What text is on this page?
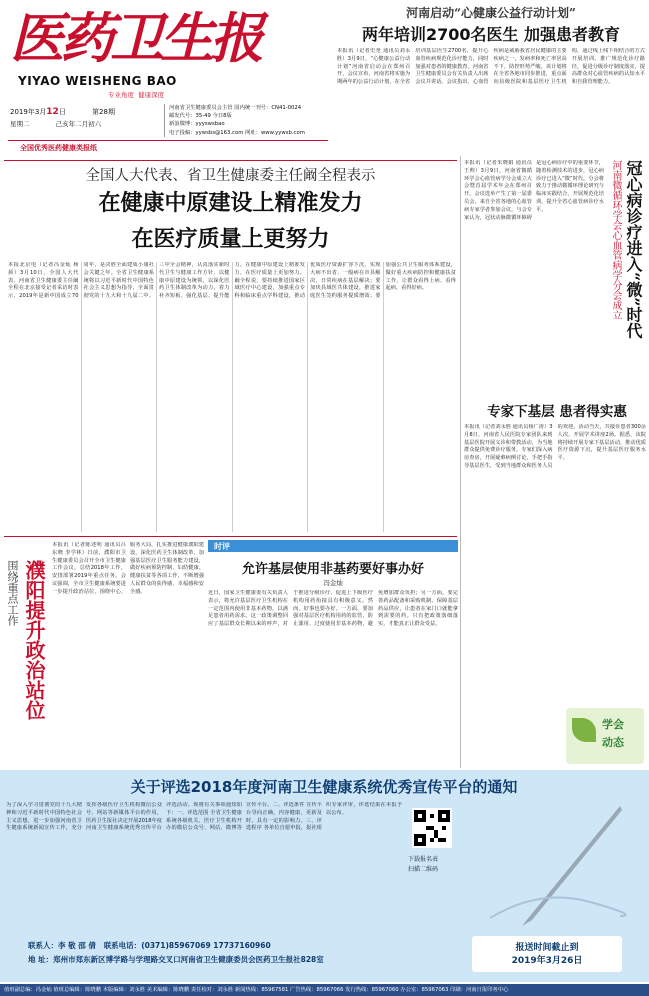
医药卫生报
YIYAO WEISHENG BAO
专业角度 健康深度
2019年3月12日	第28期
星期二	己亥年二月初六
河南省卫生健康委员会主管 国内统一刊号：CN41-0024
邮发代号：35-49 今日8版
新浪微博：yyyswsbao
电子投稿：yywsbs@163.com 网址：www.yywsb.com
全国优秀医药健康类报纸
河南启动“心健康公益行动计划”
两年培训2700名医生 加强患者教育
本报讯（记者史尧 通讯员刘永胜）3月9日，“心健康公益行动计划”河南省启动会在郑州召开，会议宣布，河南省将实施为期两年的公益行动计划，在全省培训基层医生2700名，提升心血管疾病规范化诊疗能力，同时加强对患者的健康教育。河南省卫生健康委员会有关负责人出席会议并讲话。会议指出，心血管疾病是威胁我省居民健康的主要疾病之一，发病率和死亡率居高不下，防控形势严峻。该计划将在全省各地市同步推进，重点面向县级医院和基层医疗卫生机构，通过线上线下相结合的方式开展培训，推广规范化诊疗路径，促进分级诊疗制度落实，提高群众对心血管疾病的认知水平和自我管理能力。
全国人大代表、省卫生健康委主任阚全程表示
在健康中原建设上精准发力
在医疗质量上更努力
本报北京电（记者冯金灿 杨须）3月10日，全国人大代表、河南省卫生健康委主任阚全程在北京接受记者采访时表示，2019年是新中国成立70周年，是决胜全面建成小康社会关键之年。全省卫生健康系统将以习近平新时代中国特色社会主义思想为指导，全面贯彻党的十九大和十九届二中、三中全会精神，认真落实新时代卫生与健康工作方针，以健康中原建设为统领，以深化医药卫生体制改革为动力，着力补齐短板、强化基层、提升能力，在健康中原建设上精准发力，在医疗质量上更加努力。阚全程说，要持续推进国家区域医疗中心建设，加强重点专科和临床重点学科建设，推动优质医疗资源扩容下沉，实现大病不出省、一般病在市县解决、日常疾病在基层解决；要加快县域医共体建设，推进家庭医生签约服务提质增效；要加强公共卫生服务体系建设，做好重大疾病防控和健康扶贫工作，让群众看得上病、看得起病、看得好病。
本报讯（记者朱晓娟 通讯员王帅）3月9日，河南省微循环学会心血管病学分会成立大会暨首届学术年会在郑州召开。会议选举产生了第一届委员会，来自全省各地的心血管病专家学者参加会议。与会专家认为，冠状动脉微循环障碍是冠心病诊疗中的重要环节，随着检测技术的进步，冠心病诊疗已进入“微”时代。分会将致力于推动微循环理论研究与临床实践结合，开展规范化培训，提升全省心血管病诊疗水平。	冠心病诊疗进入“微”时代
河南微循环学会心血管病学分会成立
专家下基层 患者得实惠
本报讯（记者刘永胜 通讯员杨广涛）3月8日，河南省人民医院专家团队来到基层医院开展义诊和带教活动，为当地群众提供免费诊疗服务。专家们深入病房查房，开展疑难病例讨论，手把手指导基层医生，受到当地群众和医务人员的欢迎。活动当天，共接诊患者300余人次，开展学术讲座2场。据悉，该院将持续开展专家下基层活动，推动优质医疗资源下沉，提升基层医疗服务水平。
学会
动态
围绕重点工作 濮阳提升政治站位
本报讯（记者陈述明 通讯员吕东晓 李学林）日前，濮阳市卫生健康委员会召开全市卫生健康工作会议，总结2018年工作，安排部署2019年重点任务。会议强调，全市卫生健康系统要进一步提升政治站位，围绕中心、服务大局，扎实推进健康濮阳建设，深化医药卫生体制改革，加强基层医疗卫生服务能力建设，做好疾病预防控制、妇幼健康、健康扶贫等各项工作，不断增强人民群众的获得感、幸福感和安全感。
时评
允许基层使用非基药要好事办好
冯金灿
近日，国家卫生健康委有关负责人表示，将允许基层医疗卫生机构在一定范围内使用非基本药物，以满足患者用药需求。这一政策调整回应了基层群众长期以来的呼声，对于推进分级诊疗、促进上下级医疗机构用药衔接具有积极意义。然而，好事也要办好。一方面，要加强对基层医疗机构用药的监管，防止滥用、过度使用非基本药物，避免增加群众负担；另一方面，要完善药品配备和采购机制，保障基层药品供应，让患者在家门口就能拿到需要的药。只有把政策落细落实，才能真正让群众受益。
关于评选2018年度河南卫生健康系统优秀宣传平台的通知
为了深入学习贯彻党的十九大精神和习近平新时代中国特色社会主义思想，进一步加强河南省卫生健康系统新闻宣传工作，充分发挥各级医疗卫生机构微信公众号、网站等新媒体平台的作用，医药卫生报社决定开展2018年度河南卫生健康系统优秀宣传平台评选活动。现将有关事项通知如下：一、评选范围 全省卫生健康系统各级机关、医疗卫生机构开办的微信公众号、网站、微博等宣传平台。二、评选条件 宣传平台导向正确，内容健康，更新及时，具有一定的影响力。三、评选程序 各单位自愿申报，报社组织专家评审，评选结果在本报予以公布。
下载报名表
扫描二维码
联系人：李 敬 邵 倩 联系电话：(0371)85967069 17737160960
地 址：郑州市郑东新区博学路与学理路交叉口河南省卫生健康委员会医药卫生报社828室
报送时间截止到
2019年3月26日
值班副总编：冯金灿 值班总编辑：陈晓鹏 本版编辑：刘永胜 美术编辑：陈晓鹏 责任校对：刘永胜 新闻热线：85967581 广告热线：85967066 发行热线：85967060 办公室：85967063 印刷：河南日报印务中心
